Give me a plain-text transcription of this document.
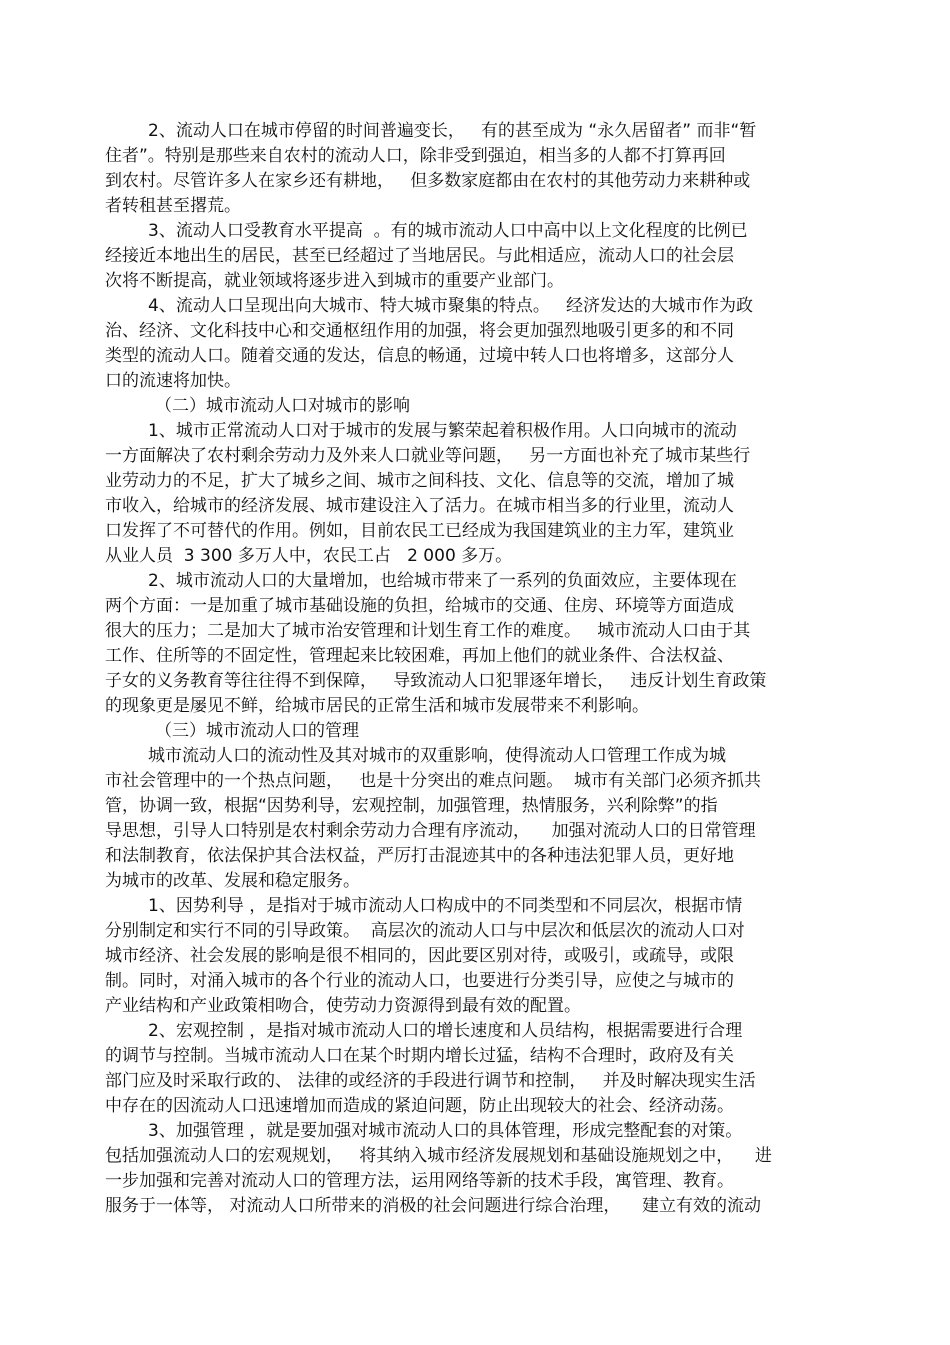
2、流动人口在城市停留的时间普遍变长，   有的甚至成为 “永久居留者” 而非“暂
住者”。特别是那些来自农村的流动人口，除非受到强迫，相当多的人都不打算再回
到农村。尽管许多人在家乡还有耕地，   但多数家庭都由在农村的其他劳动力来耕种或
者转租甚至撂荒。
3、流动人口受教育水平提高  。有的城市流动人口中高中以上文化程度的比例已
经接近本地出生的居民，甚至已经超过了当地居民。与此相适应，流动人口的社会层
次将不断提高，就业领域将逐步进入到城市的重要产业部门。
4、流动人口呈现出向大城市、特大城市聚集的特点。   经济发达的大城市作为政
治、经济、文化科技中心和交通枢纽作用的加强，将会更加强烈地吸引更多的和不同
类型的流动人口。随着交通的发达，信息的畅通，过境中转人口也将增多，这部分人
口的流速将加快。
（二）城市流动人口对城市的影响
1、城市正常流动人口对于城市的发展与繁荣起着积极作用。人口向城市的流动
一方面解决了农村剩余劳动力及外来人口就业等问题，   另一方面也补充了城市某些行
业劳动力的不足，扩大了城乡之间、城市之间科技、文化、信息等的交流，增加了城
市收入，给城市的经济发展、城市建设注入了活力。在城市相当多的行业里，流动人
口发挥了不可替代的作用。例如，目前农民工已经成为我国建筑业的主力军，建筑业
从业人员  3 300 多万人中，农民工占   2 000 多万。
2、城市流动人口的大量增加，也给城市带来了一系列的负面效应，主要体现在
两个方面：一是加重了城市基础设施的负担，给城市的交通、住房、环境等方面造成
很大的压力；二是加大了城市治安管理和计划生育工作的难度。   城市流动人口由于其
工作、住所等的不固定性，管理起来比较困难，再加上他们的就业条件、合法权益、
子女的义务教育等往往得不到保障，   导致流动人口犯罪逐年增长，   违反计划生育政策
的现象更是屡见不鲜，给城市居民的正常生活和城市发展带来不利影响。
（三）城市流动人口的管理
城市流动人口的流动性及其对城市的双重影响，使得流动人口管理工作成为城
市社会管理中的一个热点问题，   也是十分突出的难点问题。  城市有关部门必须齐抓共
管，协调一致，根据“因势利导，宏观控制，加强管理，热情服务，兴利除弊”的指
导思想，引导人口特别是农村剩余劳动力合理有序流动，    加强对流动人口的日常管理
和法制教育，依法保护其合法权益，严厉打击混迹其中的各种违法犯罪人员，更好地
为城市的改革、发展和稳定服务。
1、因势利导 ，是指对于城市流动人口构成中的不同类型和不同层次，根据市情
分别制定和实行不同的引导政策。  高层次的流动人口与中层次和低层次的流动人口对
城市经济、社会发展的影响是很不相同的，因此要区别对待，或吸引，或疏导，或限
制。同时，对涌入城市的各个行业的流动人口，也要进行分类引导，应使之与城市的
产业结构和产业政策相吻合，使劳动力资源得到最有效的配置。
2、宏观控制 ，是指对城市流动人口的增长速度和人员结构，根据需要进行合理
的调节与控制。当城市流动人口在某个时期内增长过猛，结构不合理时，政府及有关
部门应及时采取行政的、 法律的或经济的手段进行调节和控制，   并及时解决现实生活
中存在的因流动人口迅速增加而造成的紧迫问题，防止出现较大的社会、经济动荡。
3、加强管理 ，就是要加强对城市流动人口的具体管理，形成完整配套的对策。
包括加强流动人口的宏观规划，   将其纳入城市经济发展规划和基础设施规划之中，    进
一步加强和完善对流动人口的管理方法，运用网络等新的技术手段，寓管理、教育。
服务于一体等， 对流动人口所带来的消极的社会问题进行综合治理，    建立有效的流动
